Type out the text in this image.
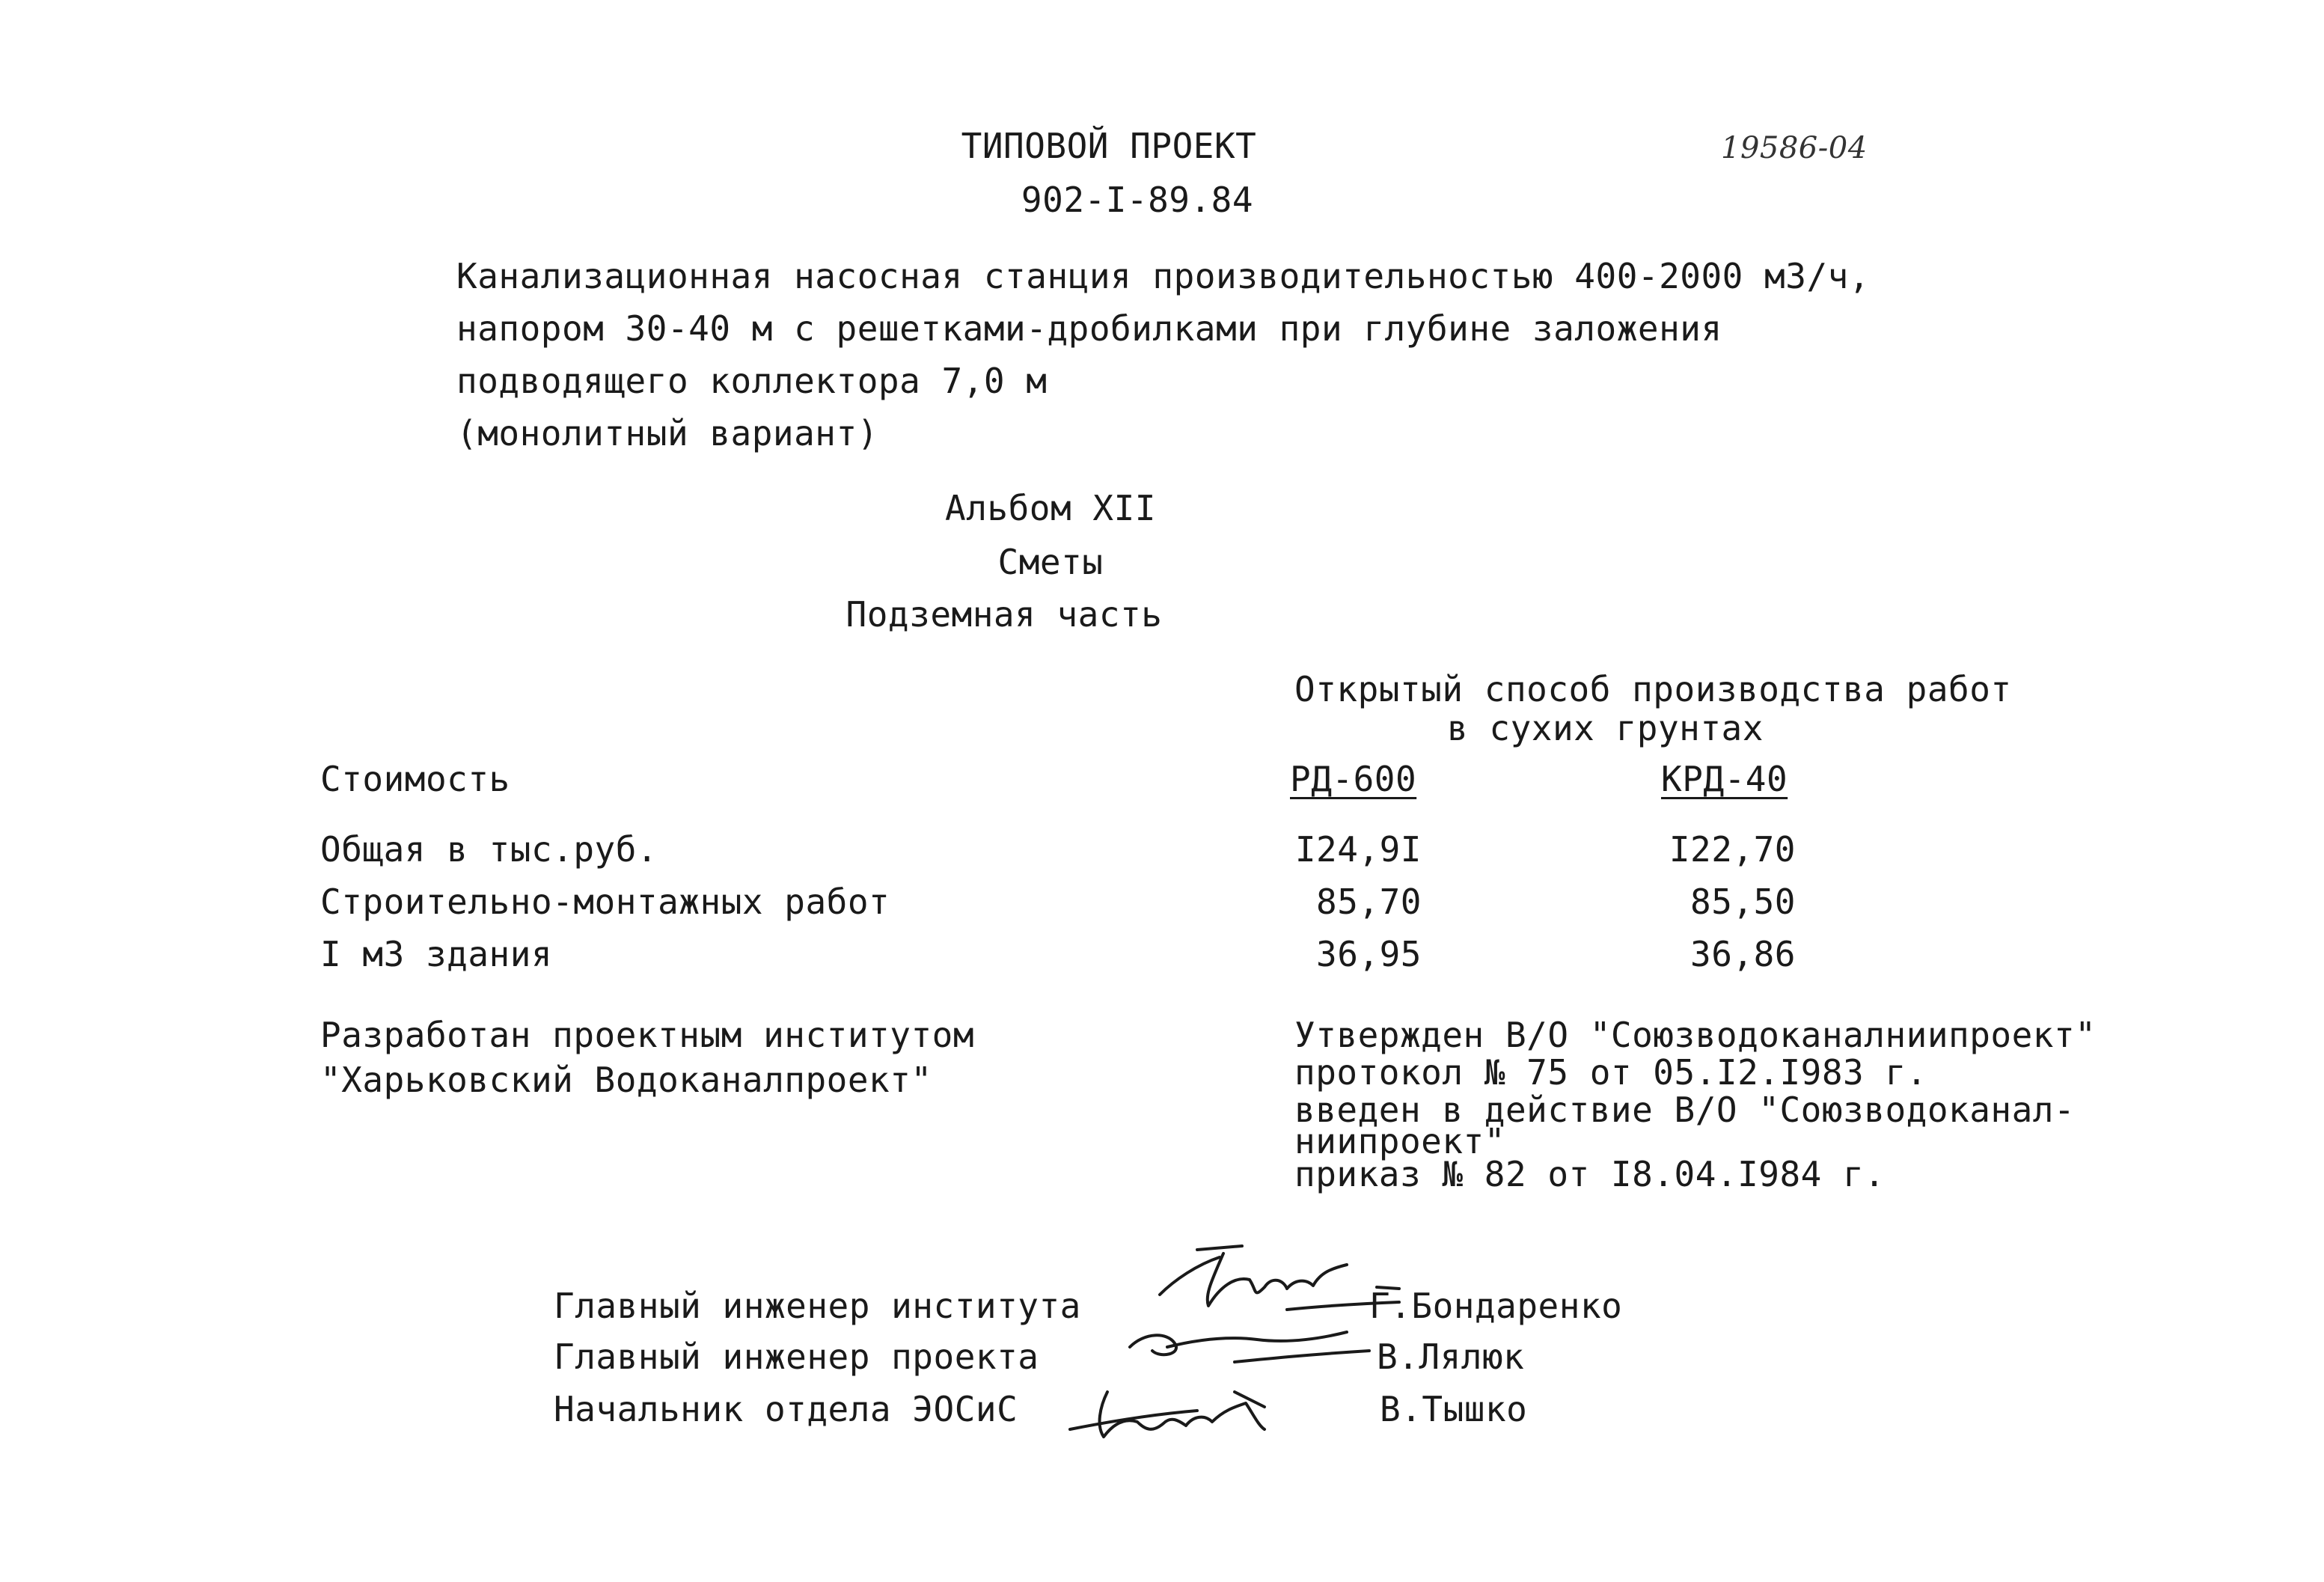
ТИПОВОЙ ПРОЕКТ
902-I-89.84
19586-04
Канализационная насосная станция производительностью 400-2000 м3/ч,
напором 30-40 м с решетками-дробилками при глубине заложения
подводящего коллектора 7,0 м
(монолитный вариант)
Альбом XII
Сметы
Подземная часть
Открытый способ производства работ
в сухих грунтах
Стоимость	РД-600	КРД-40
Общая в тыс.руб.	I24,9I	I22,70
Строительно-монтажных работ	85,70	85,50
I м3 здания	36,95	36,86
Разработан проектным институтом
"Харьковский Водоканалпроект"
Утвержден В/О "Союзводоканалниипроект"
протокол № 75 от 05.I2.I983 г.
введен в действие В/О "Союзводоканал-
ниипроект"
приказ № 82 от I8.04.I984 г.
Главный инженер института	Г.Бондаренко
Главный инженер проекта	В.Лялюк
Начальник отдела ЭОСиС	В.Тышко
